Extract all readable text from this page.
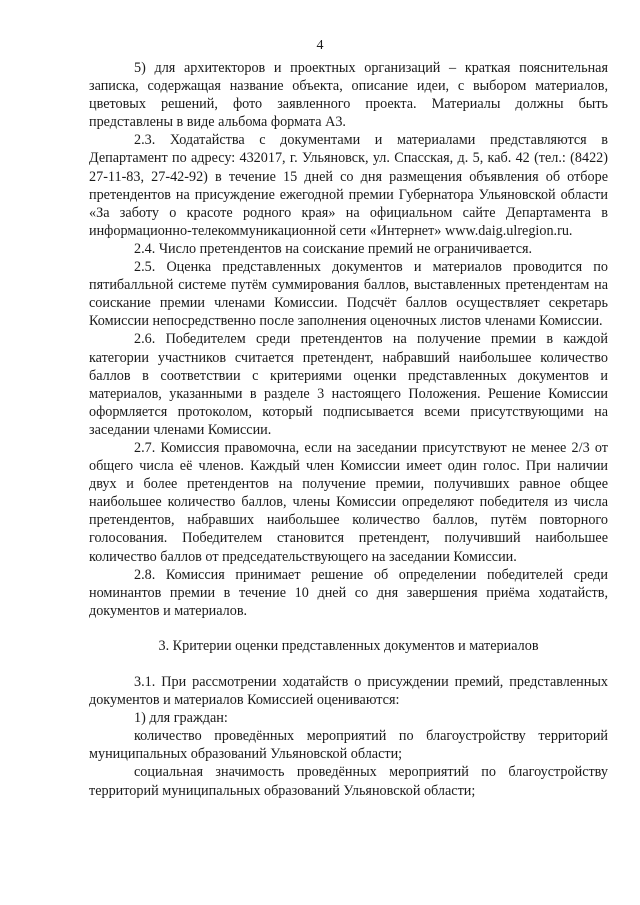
4

5) для архитекторов и проектных организаций – краткая пояснительная записка, содержащая название объекта, описание идеи, с выбором материалов, цветовых решений, фото заявленного проекта. Материалы должны быть представлены в виде альбома формата А3.

2.3. Ходатайства с документами и материалами представляются в Департамент по адресу: 432017, г. Ульяновск, ул. Спасская, д. 5, каб. 42 (тел.: (8422) 27-11-83, 27-42-92) в течение 15 дней со дня размещения объявления об отборе претендентов на присуждение ежегодной премии Губернатора Ульяновской области «За заботу о красоте родного края» на официальном сайте Департамента в информационно-телекоммуникационной сети «Интернет» www.daig.ulregion.ru.

2.4. Число претендентов на соискание премий не ограничивается.

2.5. Оценка представленных документов и материалов проводится по пятибалльной системе путём суммирования баллов, выставленных претендентам на соискание премии членами Комиссии. Подсчёт баллов осуществляет секретарь Комиссии непосредственно после заполнения оценочных листов членами Комиссии.

2.6. Победителем среди претендентов на получение премии в каждой категории участников считается претендент, набравший наибольшее количество баллов в соответствии с критериями оценки представленных документов и материалов, указанными в разделе 3 настоящего Положения. Решение Комиссии оформляется протоколом, который подписывается всеми присутствующими на заседании членами Комиссии.

2.7. Комиссия правомочна, если на заседании присутствуют не менее 2/3 от общего числа её членов. Каждый член Комиссии имеет один голос. При наличии двух и более претендентов на получение премии, получивших равное общее наибольшее количество баллов, члены Комиссии определяют победителя из числа претендентов, набравших наибольшее количество баллов, путём повторного голосования. Победителем становится претендент, получивший наибольшее количество баллов от председательствующего на заседании Комиссии.

2.8. Комиссия принимает решение об определении победителей среди номинантов премии в течение 10 дней со дня завершения приёма ходатайств, документов и материалов.

3. Критерии оценки представленных документов и материалов

3.1. При рассмотрении ходатайств о присуждении премий, представленных документов и материалов Комиссией оцениваются:

1) для граждан:

количество проведённых мероприятий по благоустройству территорий муниципальных образований Ульяновской области;

социальная значимость проведённых мероприятий по благоустройству территорий муниципальных образований Ульяновской области;
